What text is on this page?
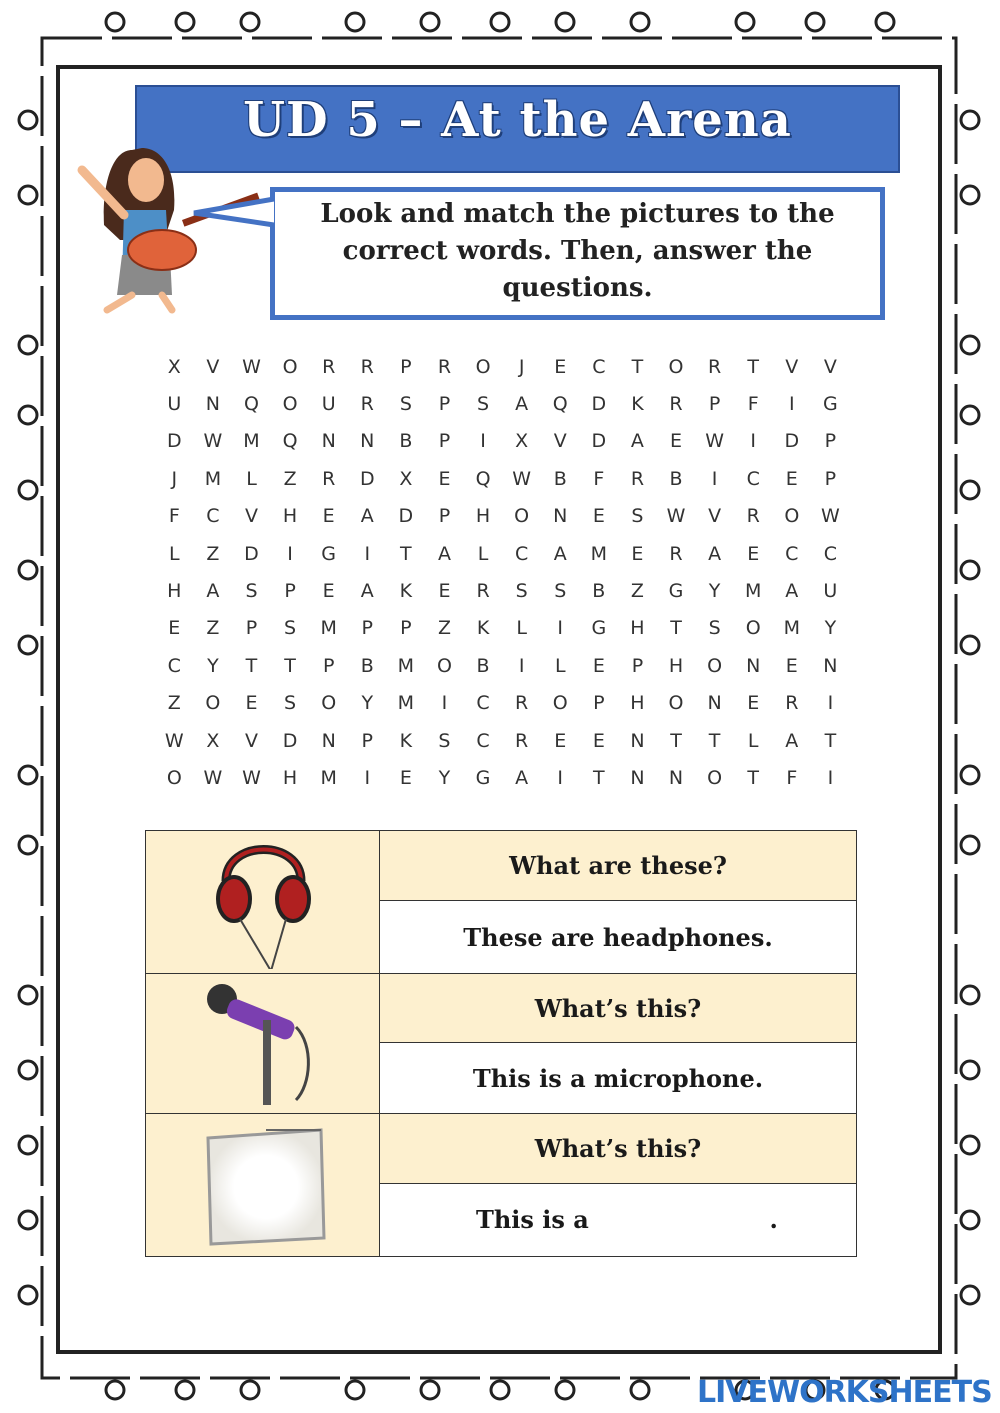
UD 5 – At the Arena
Look and match the pictures to the correct words. Then, answer the questions.
X	V	W	O	R	R	P	R	O	J	E	C	T	O	R	T	V	V
U	N	Q	O	U	R	S	P	S	A	Q	D	K	R	P	F	I	G
D	W	M	Q	N	N	B	P	I	X	V	D	A	E	W	I	D	P
J	M	L	Z	R	D	X	E	Q	W	B	F	R	B	I	C	E	P
F	C	V	H	E	A	D	P	H	O	N	E	S	W	V	R	O	W
L	Z	D	I	G	I	T	A	L	C	A	M	E	R	A	E	C	C
H	A	S	P	E	A	K	E	R	S	S	B	Z	G	Y	M	A	U
E	Z	P	S	M	P	P	Z	K	L	I	G	H	T	S	O	M	Y
C	Y	T	T	P	B	M	O	B	I	L	E	P	H	O	N	E	N
Z	O	E	S	O	Y	M	I	C	R	O	P	H	O	N	E	R	I
W	X	V	D	N	P	K	S	C	R	E	E	N	T	T	L	A	T
O	W	W	H	M	I	E	Y	G	A	I	T	N	N	O	T	F	I
	What are these?
	These are headphones.
	What’s this?
	This is a microphone.
	What’s this?
	This is a .
LIVEWORKSHEETS
